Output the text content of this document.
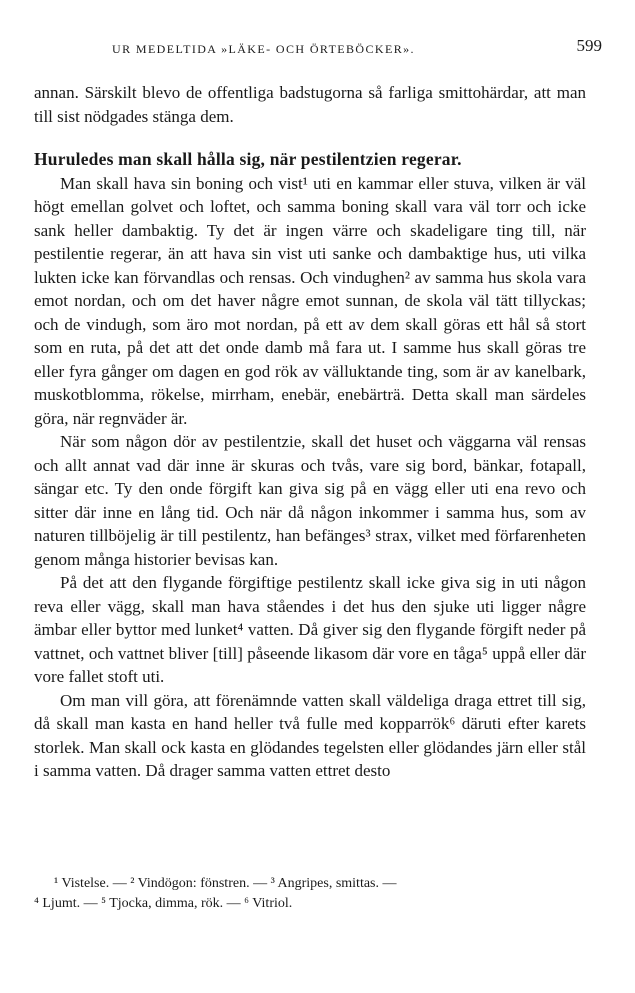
UR MEDELTIDA »LÄKE- OCH ÖRTEBÖCKER».	599

annan. Särskilt blevo de offentliga badstugorna så farliga smittohärdar, att man till sist nödgades stänga dem.

Huruledes man skall hålla sig, när pestilentzien regerar.

Man skall hava sin boning och vist¹ uti en kammar eller stuva, vilken är väl högt emellan golvet och loftet, och samma boning skall vara väl torr och icke sank heller dambaktig. Ty det är ingen värre och skadeligare ting till, när pestilentie regerar, än att hava sin vist uti sanke och dambaktige hus, uti vilka lukten icke kan förvandlas och rensas. Och vindughen² av samma hus skola vara emot nordan, och om det haver någre emot sunnan, de skola väl tätt tillyckas; och de vindugh, som äro mot nordan, på ett av dem skall göras ett hål så stort som en ruta, på det att det onde damb må fara ut. I samme hus skall göras tre eller fyra gånger om dagen en god rök av välluktande ting, som är av kanelbark, muskotblomma, rökelse, mirrham, enebär, enebärträ. Detta skall man särdeles göra, när regnväder är.

När som någon dör av pestilentzie, skall det huset och väggarna väl rensas och allt annat vad där inne är skuras och tvås, vare sig bord, bänkar, fotapall, sängar etc. Ty den onde förgift kan giva sig på en vägg eller uti ena revo och sitter där inne en lång tid. Och när då någon inkommer i samma hus, som av naturen tillböjelig är till pestilentz, han befänges³ strax, vilket med förfarenheten genom många historier bevisas kan.

På det att den flygande förgiftige pestilentz skall icke giva sig in uti någon reva eller vägg, skall man hava ståendes i det hus den sjuke uti ligger någre ämbar eller byttor med lunket⁴ vatten. Då giver sig den flygande förgift neder på vattnet, och vattnet bliver [till] påseende likasom där vore en tåga⁵ uppå eller där vore fallet stoft uti.

Om man vill göra, att förenämnde vatten skall väldeliga draga ettret till sig, då skall man kasta en hand heller två fulle med kopparrök⁶ däruti efter karets storlek. Man skall ock kasta en glödandes tegelsten eller glödandes järn eller stål i samma vatten. Då drager samma vatten ettret desto

¹ Vistelse. — ² Vindögon: fönstren. — ³ Angripes, smittas. —
⁴ Ljumt. — ⁵ Tjocka, dimma, rök. — ⁶ Vitriol.
